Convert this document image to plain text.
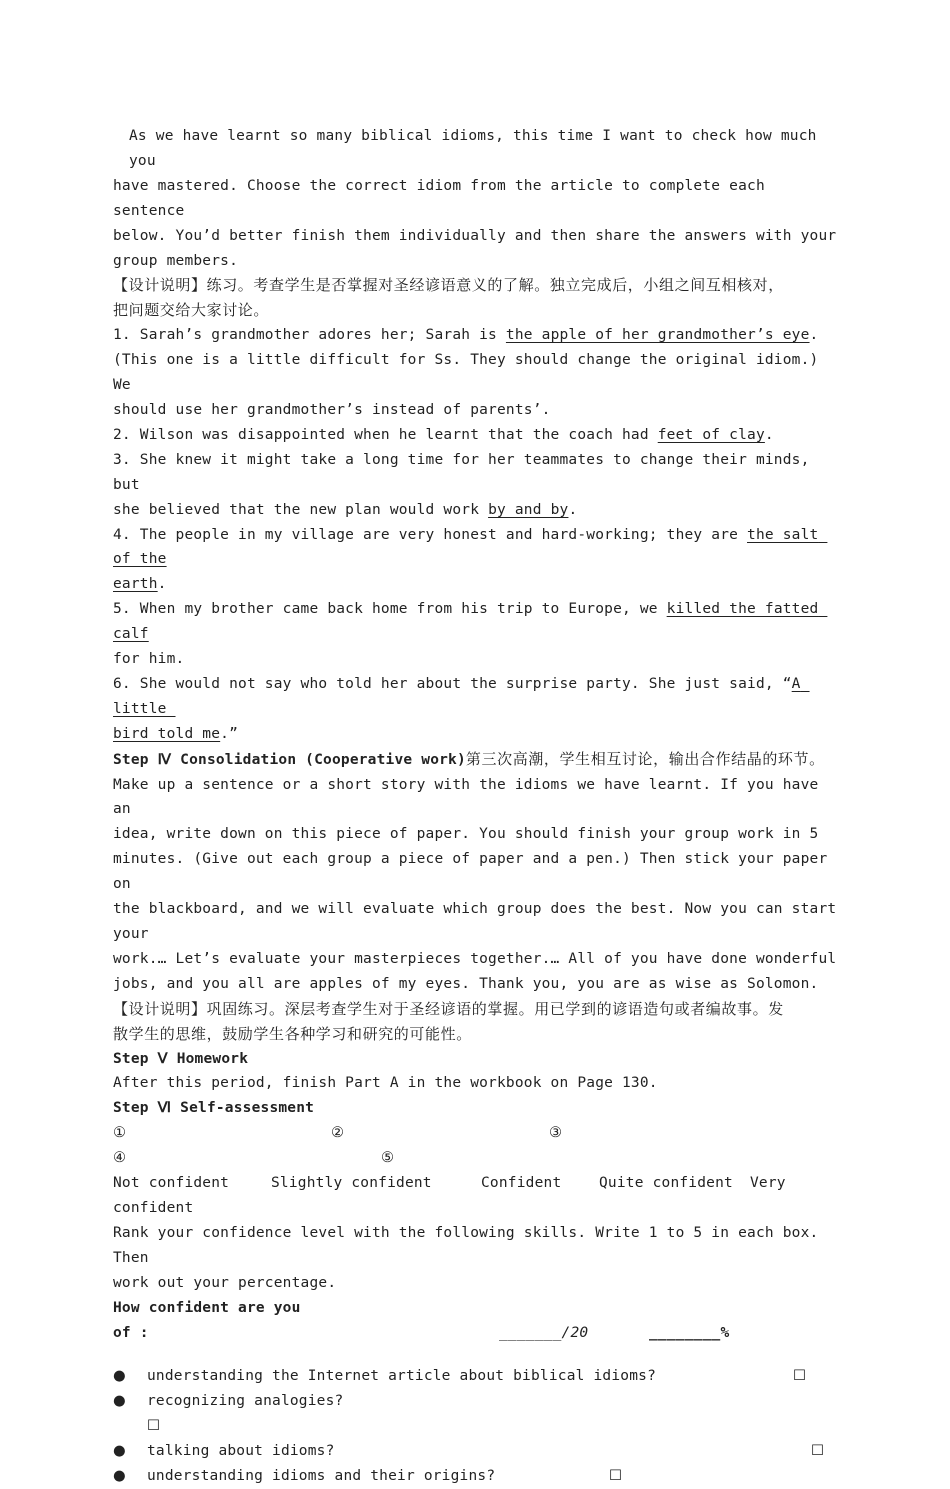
As we have learnt so many biblical idioms, this time I want to check how much you
have mastered. Choose the correct idiom from the article to complete each sentence
below. You’d better finish them individually and then share the answers with your
group members.
【设计说明】练习。考查学生是否掌握对圣经谚语意义的了解。独立完成后，小组之间互相核对，
把问题交给大家讨论。
1. Sarah’s grandmother adores her; Sarah is the apple of her grandmother’s eye.
(This one is a little difficult for Ss. They should change the original idiom.) We
should use her grandmother’s instead of parents’.
2. Wilson was disappointed when he learnt that the coach had feet of clay.
3. She knew it might take a long time for her teammates to change their minds, but
she believed that the new plan would work by and by.
4. The people in my village are very honest and hard-working; they are the salt of the
earth.
5. When my brother came back home from his trip to Europe, we killed the fatted calf
for him.
6. She would not say who told her about the surprise party. She just said, “A little
bird told me.”
Step Ⅳ Consolidation (Cooperative work)第三次高潮，学生相互讨论，输出合作结晶的环节。
Make up a sentence or a short story with the idioms we have learnt. If you have an
idea, write down on this piece of paper. You should finish your group work in 5
minutes. (Give out each group a piece of paper and a pen.) Then stick your paper on
the blackboard, and we will evaluate which group does the best. Now you can start your
work.… Let’s evaluate your masterpieces together.… All of you have done wonderful
jobs, and you all are apples of my eyes. Thank you, you are as wise as Solomon.
【设计说明】巩固练习。深层考查学生对于圣经谚语的掌握。用已学到的谚语造句或者编故事。发
散学生的思维，鼓励学生各种学习和研究的可能性。
Step Ⅴ Homework
After this period, finish Part A in the workbook on Page 130.
Step Ⅵ Self-assessment
①	②	③
④	⑤
Not confident	Slightly confident	Confident	Quite confident	Very
confident
Rank your confidence level with the following skills. Write 1 to 5 in each box. Then
work out your percentage.
How confident are you
of :	_______/20	________%
●	understanding the Internet article about biblical idioms?	☐
●	recognizing analogies?
☐
●	talking about idioms?	☐
●	understanding idioms and their origins?	☐
